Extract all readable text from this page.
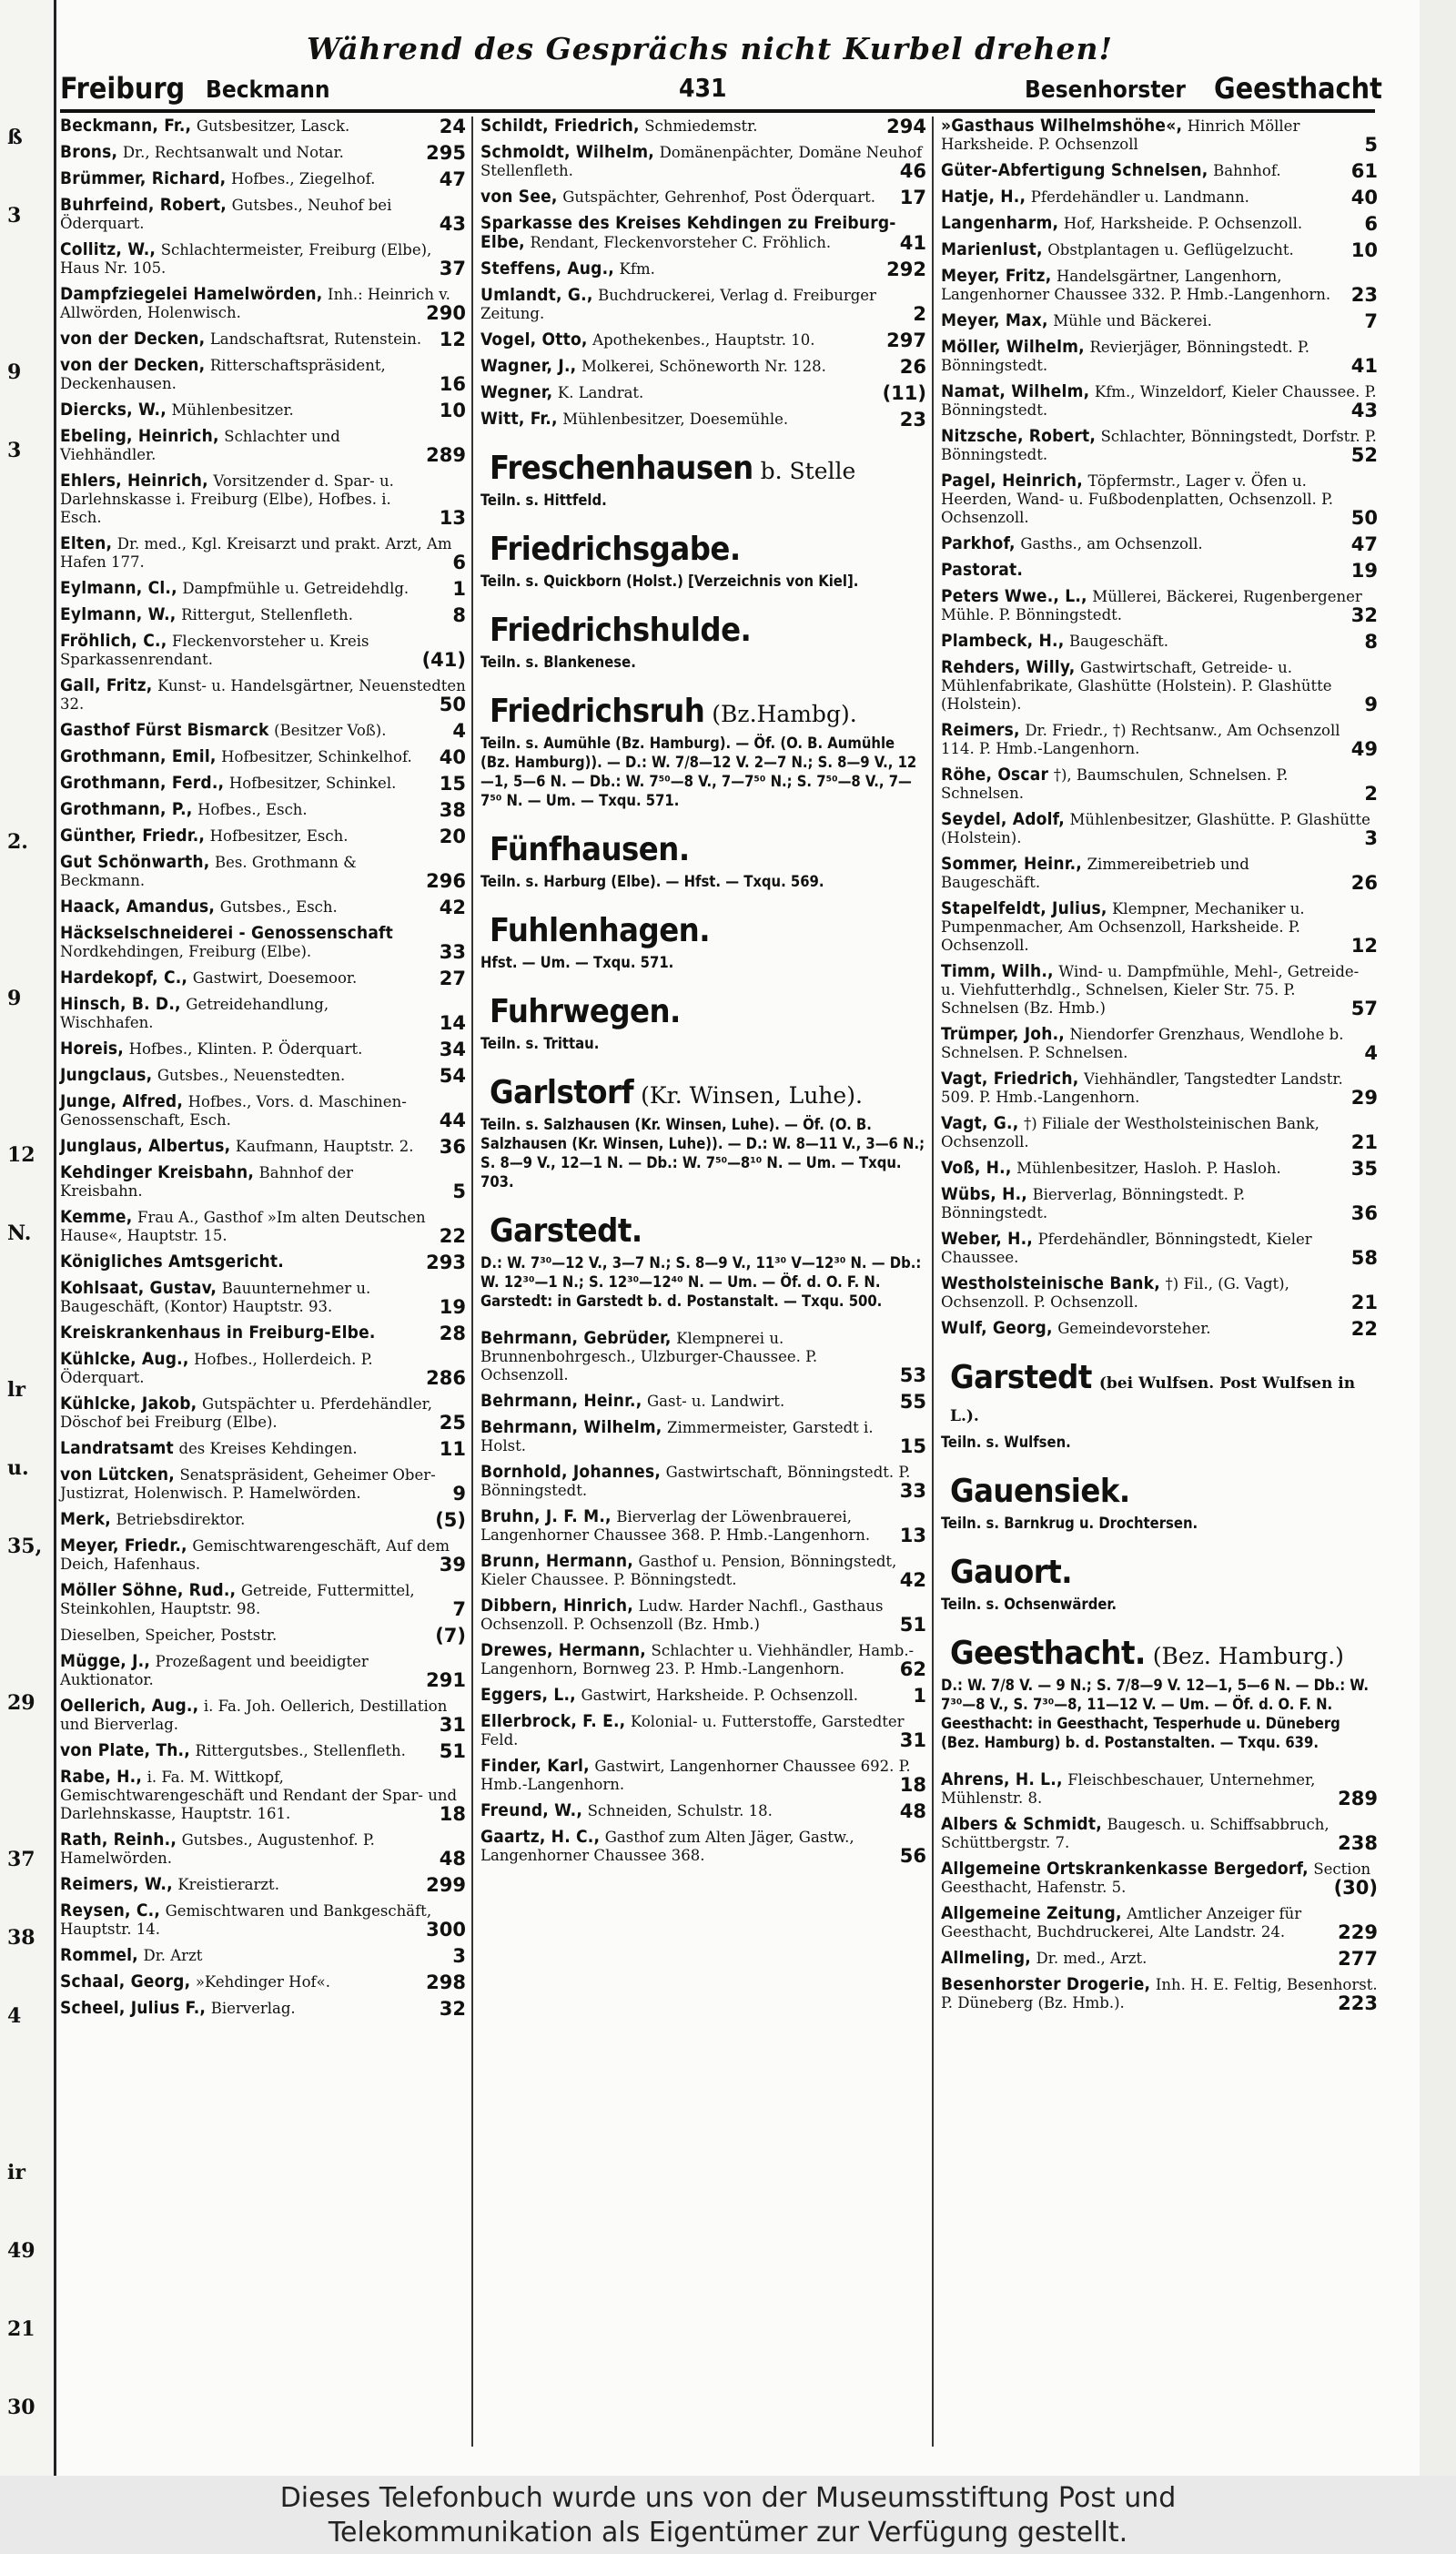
ß
3
9
3
2.
9
12
N.
lr
u.
35,
29
37
38
4
ir
49
21
30
Während des Gesprächs nicht Kurbel drehen!
Freiburg Beckmann	431	Besenhorster Geesthacht
Beckmann, Fr., Gutsbesitzer, Lasck.	24
Brons, Dr., Rechtsanwalt und Notar.	295
Brümmer, Richard, Hofbes., Ziegelhof.	47
Buhrfeind, Robert, Gutsbes., Neuhof bei Öderquart.	43
Collitz, W., Schlachtermeister, Freiburg (Elbe), Haus Nr. 105.	37
Dampfziegelei Hamelwörden, Inh.: Heinrich v. Allwörden, Holenwisch.	290
von der Decken, Landschaftsrat, Rutenstein. 12
von der Decken, Ritterschaftspräsident, Deckenhausen.	16
Diercks, W., Mühlenbesitzer.	10
Ebeling, Heinrich, Schlachter und Viehhändler.	289
Ehlers, Heinrich, Vorsitzender d. Spar- u. Darlehnskasse i. Freiburg (Elbe), Hofbes. i. Esch.	13
Elten, Dr. med., Kgl. Kreisarzt und prakt. Arzt, Am Hafen 177.	6
Eylmann, Cl., Dampfmühle u. Getreidehdlg. 1
Eylmann, W., Rittergut, Stellenfleth.	8
Fröhlich, C., Fleckenvorsteher u. Kreis Sparkassenrendant.	(41)
Gall, Fritz, Kunst- u. Handelsgärtner, Neuenstedten 32.	50
Gasthof Fürst Bismarck (Besitzer Voß).	4
Grothmann, Emil, Hofbesitzer, Schinkelhof. 40
Grothmann, Ferd., Hofbesitzer, Schinkel. 15
Grothmann, P., Hofbes., Esch.	38
Günther, Friedr., Hofbesitzer, Esch.	20
Gut Schönwarth, Bes. Grothmann & Beckmann.	296
Haack, Amandus, Gutsbes., Esch.	42
Häckselschneiderei - Genossenschaft Nordkehdingen, Freiburg (Elbe).	33
Hardekopf, C., Gastwirt, Doesemoor.	27
Hinsch, B. D., Getreidehandlung, Wischhafen.	14
Horeis, Hofbes., Klinten. P. Öderquart.	34
Jungclaus, Gutsbes., Neuenstedten.	54
Junge, Alfred, Hofbes., Vors. d. Maschinen-Genossenschaft, Esch.	44
Junglaus, Albertus, Kaufmann, Hauptstr. 2. 36
Kehdinger Kreisbahn, Bahnhof der Kreisbahn.	5
Kemme, Frau A., Gasthof »Im alten Deutschen Hause«, Hauptstr. 15.	22
Königliches Amtsgericht.	293
Kohlsaat, Gustav, Bauunternehmer u. Baugeschäft, (Kontor) Hauptstr. 93.	19
Kreiskrankenhaus in Freiburg-Elbe.	28
Kühlcke, Aug., Hofbes., Hollerdeich. P. Öderquart.	286
Kühlcke, Jakob, Gutspächter u. Pferdehändler, Döschof bei Freiburg (Elbe).	25
Landratsamt des Kreises Kehdingen.	11
von Lütcken, Senatspräsident, Geheimer Ober-Justizrat, Holenwisch. P. Hamelwörden.	9
Merk, Betriebsdirektor.	(5)
Meyer, Friedr., Gemischtwarengeschäft, Auf dem Deich, Hafenhaus.	39
Möller Söhne, Rud., Getreide, Futtermittel, Steinkohlen, Hauptstr. 98.	7
Dieselben, Speicher, Poststr.	(7)
Mügge, J., Prozeßagent und beeidigter Auktionator.	291
Oellerich, Aug., i. Fa. Joh. Oellerich, Destillation und Bierverlag.	31
von Plate, Th., Rittergutsbes., Stellenfleth. 51
Rabe, H., i. Fa. M. Wittkopf, Gemischtwarengeschäft und Rendant der Spar- und Darlehnskasse, Hauptstr. 161.	18
Rath, Reinh., Gutsbes., Augustenhof. P. Hamelwörden.	48
Reimers, W., Kreistierarzt.	299
Reysen, C., Gemischtwaren und Bankgeschäft, Hauptstr. 14.	300
Rommel, Dr. Arzt	3
Schaal, Georg, »Kehdinger Hof«.	298
Scheel, Julius F., Bierverlag.	32
Schildt, Friedrich, Schmiedemstr.	294
Schmoldt, Wilhelm, Domänenpächter, Domäne Neuhof Stellenfleth.	46
von See, Gutspächter, Gehrenhof, Post Öderquart. 17
Sparkasse des Kreises Kehdingen zu Freiburg-Elbe, Rendant, Fleckenvorsteher C. Fröhlich.	41
Steffens, Aug., Kfm.	292
Umlandt, G., Buchdruckerei, Verlag d. Freiburger Zeitung.	2
Vogel, Otto, Apothekenbes., Hauptstr. 10.	297
Wagner, J., Molkerei, Schöneworth Nr. 128.	26
Wegner, K. Landrat.	(11)
Witt, Fr., Mühlenbesitzer, Doesemühle.	23
Freschenhausen b. Stelle
Teiln. s. Hittfeld.
Friedrichsgabe.
Teiln. s. Quickborn (Holst.) [Verzeichnis von Kiel].
Friedrichshulde.
Teiln. s. Blankenese.
Friedrichsruh (Bz.Hambg).
Teiln. s. Aumühle (Bz. Hamburg). — Öf. (O. B. Aumühle (Bz. Hamburg)). — D.: W. 7/8—12 V. 2—7 N.; S. 8—9 V., 12—1, 5—6 N. — Db.: W. 7⁵⁰—8 V., 7—7⁵⁰ N.; S. 7⁵⁰—8 V., 7—7⁵⁰ N. — Um. — Txqu. 571.
Fünfhausen.
Teiln. s. Harburg (Elbe). — Hfst. — Txqu. 569.
Fuhlenhagen.
Hfst. — Um. — Txqu. 571.
Fuhrwegen.
Teiln. s. Trittau.
Garlstorf (Kr. Winsen, Luhe).
Teiln. s. Salzhausen (Kr. Winsen, Luhe). — Öf. (O. B. Salzhausen (Kr. Winsen, Luhe)). — D.: W. 8—11 V., 3—6 N.; S. 8—9 V., 12—1 N. — Db.: W. 7⁵⁰—8¹⁰ N. — Um. — Txqu. 703.
Garstedt.
D.: W. 7³⁰—12 V., 3—7 N.; S. 8—9 V., 11³⁰ V—12³⁰ N. — Db.: W. 12³⁰—1 N.; S. 12³⁰—12⁴⁰ N. — Um. — Öf. d. O. F. N. Garstedt: in Garstedt b. d. Postanstalt. — Txqu. 500.
Behrmann, Gebrüder, Klempnerei u. Brunnenbohrgesch., Ulzburger-Chaussee. P. Ochsenzoll.	53
Behrmann, Heinr., Gast- u. Landwirt.	55
Behrmann, Wilhelm, Zimmermeister, Garstedt i. Holst.	15
Bornhold, Johannes, Gastwirtschaft, Bönningstedt. P. Bönningstedt.	33
Bruhn, J. F. M., Bierverlag der Löwenbrauerei, Langenhorner Chaussee 368. P. Hmb.-Langenhorn. 13
Brunn, Hermann, Gasthof u. Pension, Bönningstedt, Kieler Chaussee. P. Bönningstedt.	42
Dibbern, Hinrich, Ludw. Harder Nachfl., Gasthaus Ochsenzoll. P. Ochsenzoll (Bz. Hmb.)	51
Drewes, Hermann, Schlachter u. Viehhändler, Hamb.-Langenhorn, Bornweg 23. P. Hmb.-Langenhorn.	62
Eggers, L., Gastwirt, Harksheide. P. Ochsenzoll.	1
Ellerbrock, F. E., Kolonial- u. Futterstoffe, Garstedter Feld.	31
Finder, Karl, Gastwirt, Langenhorner Chaussee 692. P. Hmb.-Langenhorn.	18
Freund, W., Schneiden, Schulstr. 18.	48
Gaartz, H. C., Gasthof zum Alten Jäger, Gastw., Langenhorner Chaussee 368.	56
»Gasthaus Wilhelmshöhe«, Hinrich Möller Harksheide. P. Ochsenzoll	5
Güter-Abfertigung Schnelsen, Bahnhof.	61
Hatje, H., Pferdehändler u. Landmann.	40
Langenharm, Hof, Harksheide. P. Ochsenzoll.	6
Marienlust, Obstplantagen u. Geflügelzucht.	10
Meyer, Fritz, Handelsgärtner, Langenhorn, Langenhorner Chaussee 332. P. Hmb.-Langenhorn. 23
Meyer, Max, Mühle und Bäckerei.	7
Möller, Wilhelm, Revierjäger, Bönningstedt. P. Bönningstedt.	41
Namat, Wilhelm, Kfm., Winzeldorf, Kieler Chaussee. P. Bönningstedt.	43
Nitzsche, Robert, Schlachter, Bönningstedt, Dorfstr. P. Bönningstedt.	52
Pagel, Heinrich, Töpfermstr., Lager v. Öfen u. Heerden, Wand- u. Fußbodenplatten, Ochsenzoll. P. Ochsenzoll.	50
Parkhof, Gasths., am Ochsenzoll.	47
Pastorat.	19
Peters Wwe., L., Müllerei, Bäckerei, Rugenbergener Mühle. P. Bönningstedt.	32
Plambeck, H., Baugeschäft.	8
Rehders, Willy, Gastwirtschaft, Getreide- u. Mühlenfabrikate, Glashütte (Holstein). P. Glashütte (Holstein).	9
Reimers, Dr. Friedr., †) Rechtsanw., Am Ochsenzoll 114. P. Hmb.-Langenhorn.	49
Röhe, Oscar †), Baumschulen, Schnelsen. P. Schnelsen.	2
Seydel, Adolf, Mühlenbesitzer, Glashütte. P. Glashütte (Holstein).	3
Sommer, Heinr., Zimmereibetrieb und Baugeschäft.	26
Stapelfeldt, Julius, Klempner, Mechaniker u. Pumpenmacher, Am Ochsenzoll, Harksheide. P. Ochsenzoll.	12
Timm, Wilh., Wind- u. Dampfmühle, Mehl-, Getreide- u. Viehfutterhdlg., Schnelsen, Kieler Str. 75. P. Schnelsen (Bz. Hmb.)	57
Trümper, Joh., Niendorfer Grenzhaus, Wendlohe b. Schnelsen. P. Schnelsen.	4
Vagt, Friedrich, Viehhändler, Tangstedter Landstr. 509. P. Hmb.-Langenhorn.	29
Vagt, G., †) Filiale der Westholsteinischen Bank, Ochsenzoll.	21
Voß, H., Mühlenbesitzer, Hasloh. P. Hasloh.	35
Wübs, H., Bierverlag, Bönningstedt. P. Bönningstedt.	36
Weber, H., Pferdehändler, Bönningstedt, Kieler Chaussee.	58
Westholsteinische Bank, †) Fil., (G. Vagt), Ochsenzoll. P. Ochsenzoll.	21
Wulf, Georg, Gemeindevorsteher.	22
Garstedt (bei Wulfsen. Post Wulfsen in L.).
Teiln. s. Wulfsen.
Gauensiek.
Teiln. s. Barnkrug u. Drochtersen.
Gauort.
Teiln. s. Ochsenwärder.
Geesthacht. (Bez. Hamburg.)
D.: W. 7/8 V. — 9 N.; S. 7/8—9 V. 12—1, 5—6 N. — Db.: W. 7³⁰—8 V., S. 7³⁰—8, 11—12 V. — Um. — Öf. d. O. F. N. Geesthacht: in Geesthacht, Tesperhude u. Düneberg (Bez. Hamburg) b. d. Postanstalten. — Txqu. 639.
Ahrens, H. L., Fleischbeschauer, Unternehmer, Mühlenstr. 8.	289
Albers & Schmidt, Baugesch. u. Schiffsabbruch, Schüttbergstr. 7.	238
Allgemeine Ortskrankenkasse Bergedorf, Section Geesthacht, Hafenstr. 5.	(30)
Allgemeine Zeitung, Amtlicher Anzeiger für Geesthacht, Buchdruckerei, Alte Landstr. 24.	229
Allmeling, Dr. med., Arzt.	277
Besenhorster Drogerie, Inh. H. E. Feltig, Besenhorst. P. Düneberg (Bz. Hmb.).	223
Dieses Telefonbuch wurde uns von der Museumsstiftung Post und
Telekommunikation als Eigentümer zur Verfügung gestellt.
